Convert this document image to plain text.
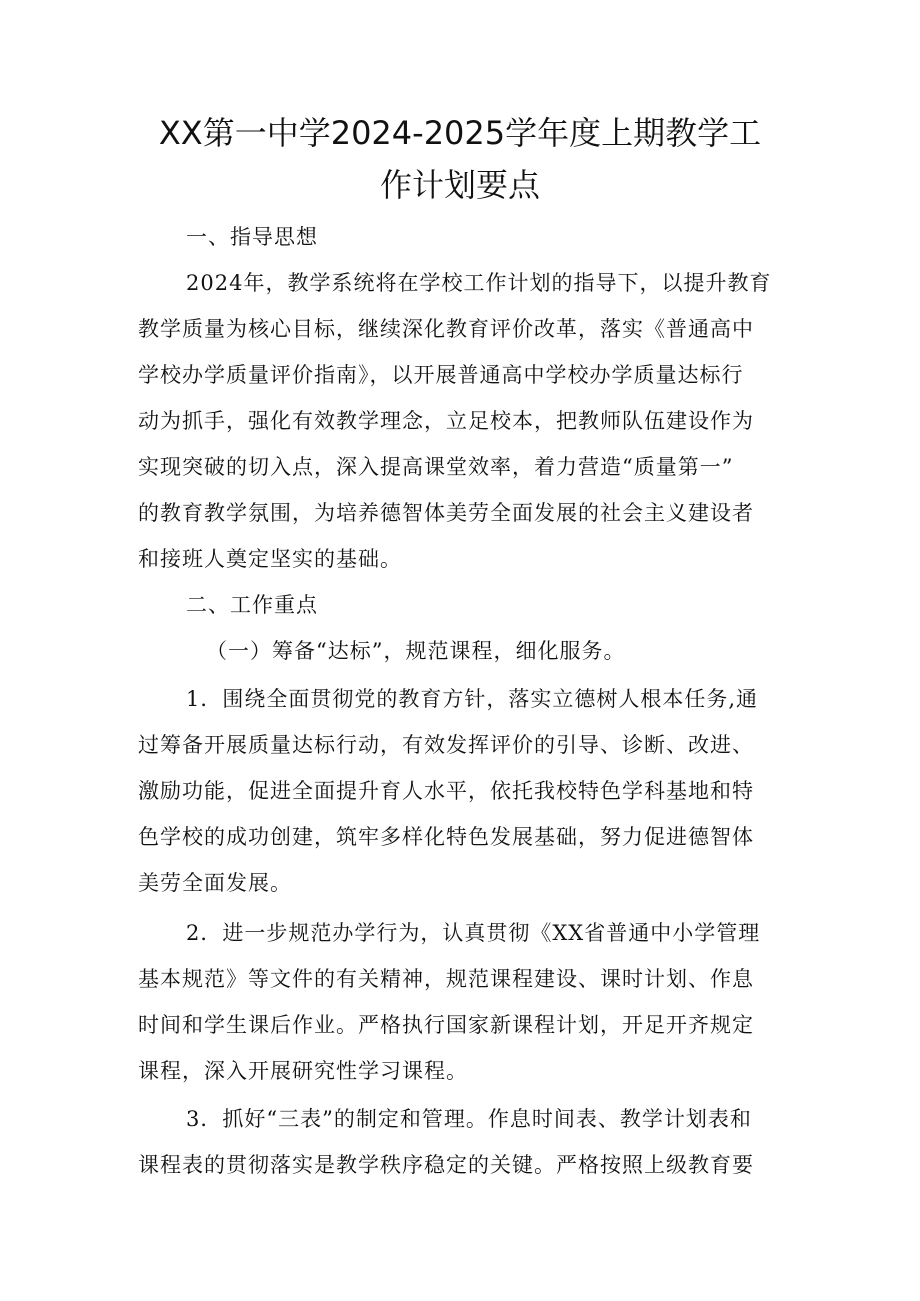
XX第一中学2024-2025学年度上期教学工
作计划要点
一、指导思想
2024年，教学系统将在学校工作计划的指导下，以提升教育
教学质量为核心目标，继续深化教育评价改革，落实《普通高中
学校办学质量评价指南》，以开展普通高中学校办学质量达标行
动为抓手，强化有效教学理念，立足校本，把教师队伍建设作为
实现突破的切入点，深入提高课堂效率，着力营造“质量第一”
的教育教学氛围，为培养德智体美劳全面发展的社会主义建设者
和接班人奠定坚实的基础。
二、工作重点
（一）筹备“达标”，规范课程，细化服务。
1．围绕全面贯彻党的教育方针，落实立德树人根本任务,通
过筹备开展质量达标行动，有效发挥评价的引导、诊断、改进、
激励功能，促进全面提升育人水平，依托我校特色学科基地和特
色学校的成功创建，筑牢多样化特色发展基础，努力促进德智体
美劳全面发展。
2．进一步规范办学行为，认真贯彻《XX省普通中小学管理
基本规范》等文件的有关精神，规范课程建设、课时计划、作息
时间和学生课后作业。严格执行国家新课程计划，开足开齐规定
课程，深入开展研究性学习课程。
3．抓好“三表”的制定和管理。作息时间表、教学计划表和
课程表的贯彻落实是教学秩序稳定的关键。严格按照上级教育要
